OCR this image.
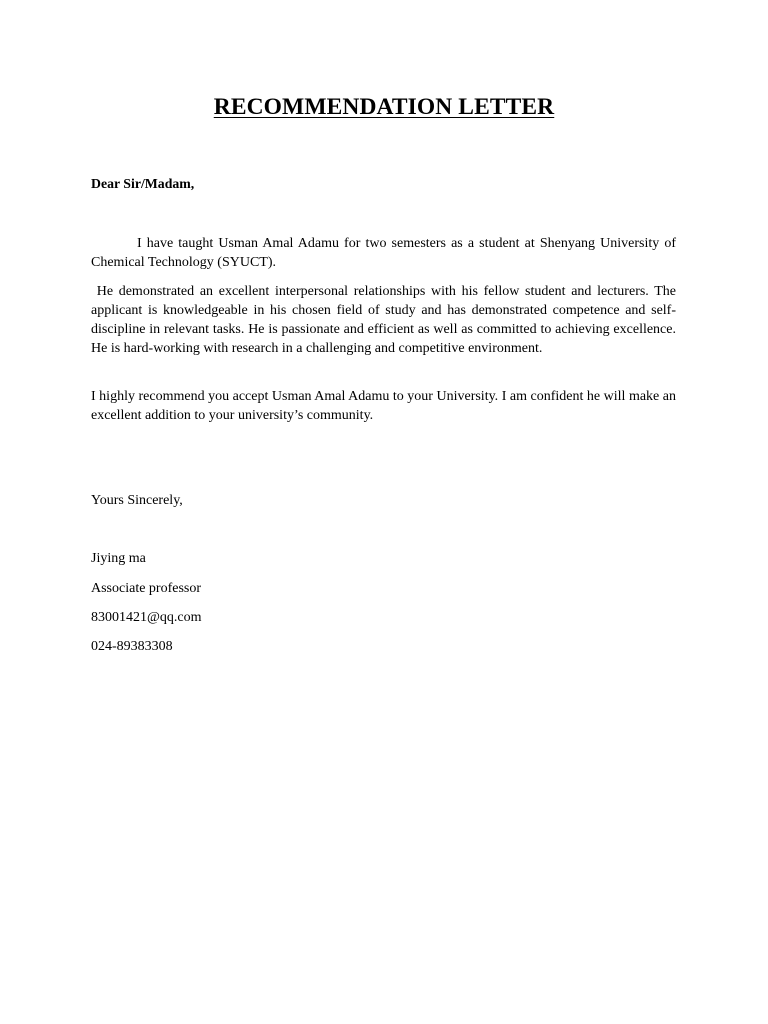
RECOMMENDATION LETTER
Dear Sir/Madam,

I have taught Usman Amal Adamu for two semesters as a student at Shenyang University of Chemical Technology (SYUCT).

He demonstrated an excellent interpersonal relationships with his fellow student and lecturers. The applicant is knowledgeable in his chosen field of study and has demonstrated competence and self-discipline in relevant tasks. He is passionate and efficient as well as committed to achieving excellence. He is hard-working with research in a challenging and competitive environment.

I highly recommend you accept Usman Amal Adamu to your University. I am confident he will make an excellent addition to your university’s community.

Yours Sincerely,
Jiying ma
Associate professor
83001421@qq.com
024-89383308
